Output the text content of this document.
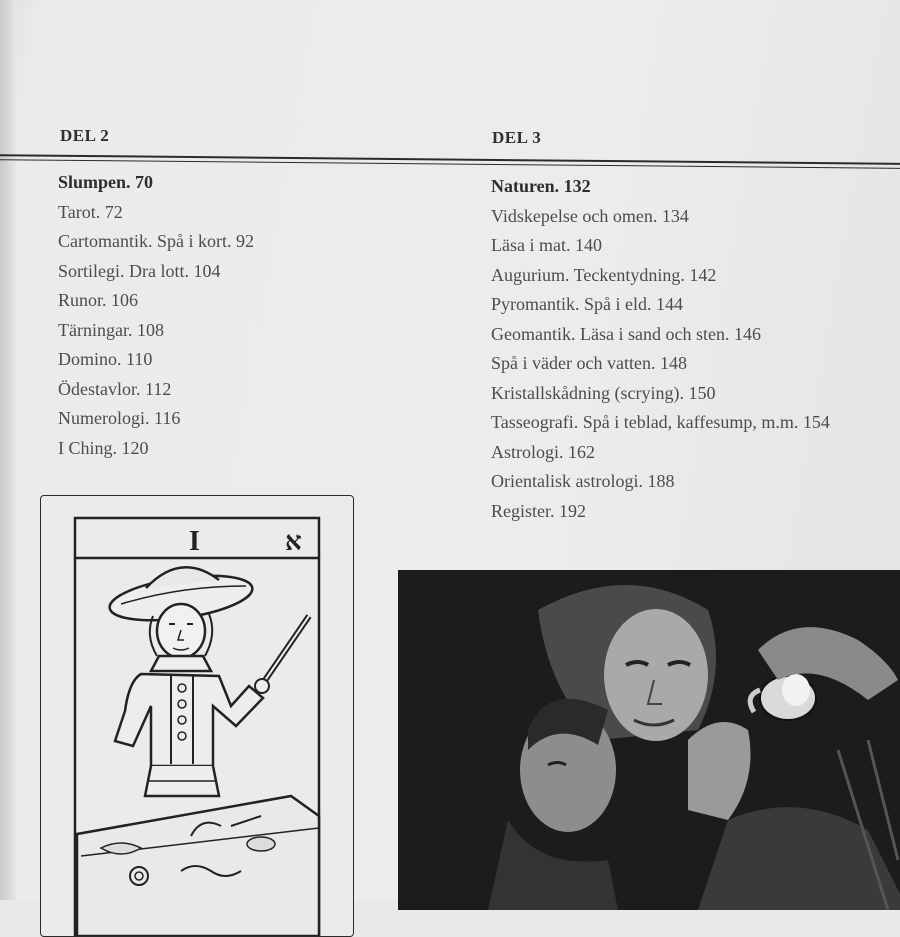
DEL 2	DEL 3
Slumpen. 70
Tarot. 72
Cartomantik. Spå i kort. 92
Sortilegi. Dra lott. 104
Runor. 106
Tärningar. 108
Domino. 110
Ödestavlor. 112
Numerologi. 116
I Ching. 120
Naturen. 132
Vidskepelse och omen. 134
Läsa i mat. 140
Augurium. Teckentydning. 142
Pyromantik. Spå i eld. 144
Geomantik. Läsa i sand och sten. 146
Spå i väder och vatten. 148
Kristallskådning (scrying). 150
Tasseografi. Spå i teblad, kaffesump, m.m. 154
Astrologi. 162
Orientalisk astrologi. 188
Register. 192
I	א
